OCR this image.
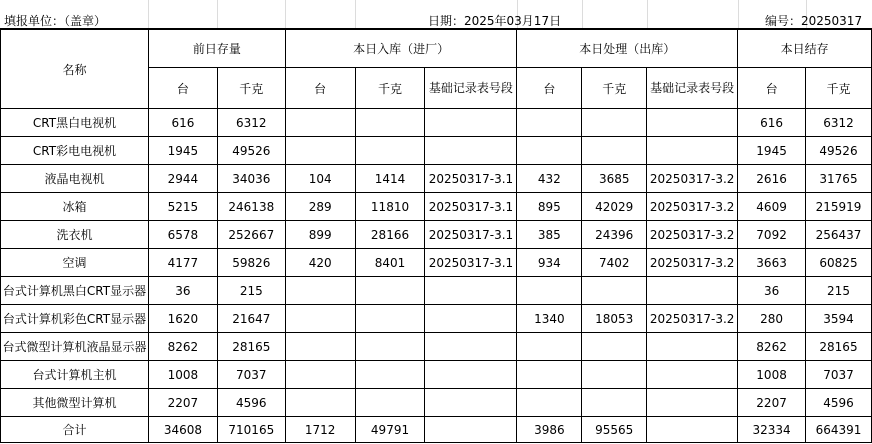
填报单位：（盖章）	日期：2025年03月17日	编号：20250317
名称	前日存量		本日入库（进厂）			本日处理（出库）			本日结存	
	台	千克	台	千克	基础记录表号段	台	千克	基础记录表号段	台	千克
CRT黑白电视机	616	6312							616	6312
CRT彩电电视机	1945	49526							1945	49526
液晶电视机	2944	34036	104	1414	20250317-3.1	432	3685	20250317-3.2	2616	31765
冰箱	5215	246138	289	11810	20250317-3.1	895	42029	20250317-3.2	4609	215919
洗衣机	6578	252667	899	28166	20250317-3.1	385	24396	20250317-3.2	7092	256437
空调	4177	59826	420	8401	20250317-3.1	934	7402	20250317-3.2	3663	60825
台式计算机黑白CRT显示器	36	215							36	215
台式计算机彩色CRT显示器	1620	21647				1340	18053	20250317-3.2	280	3594
台式微型计算机液晶显示器	8262	28165							8262	28165
台式计算机主机	1008	7037							1008	7037
其他微型计算机	2207	4596							2207	4596
合计	34608	710165	1712	49791		3986	95565		32334	664391
